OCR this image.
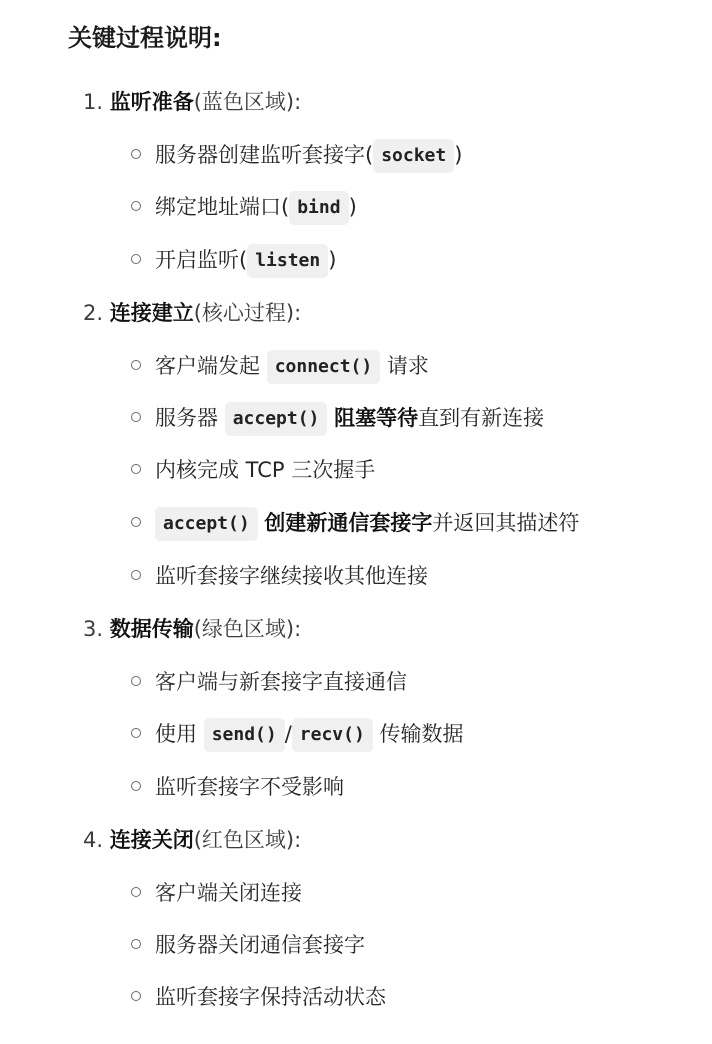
关键过程说明:
1. 监听准备(蓝色区域):
服务器创建监听套接字( socket )
绑定地址端口( bind )
开启监听( listen )
2. 连接建立(核心过程):
客户端发起 connect() 请求
服务器 accept() 阻塞等待直到有新连接
内核完成 TCP 三次握手
accept() 创建新通信套接字并返回其描述符
监听套接字继续接收其他连接
3. 数据传输(绿色区域):
客户端与新套接字直接通信
使用 send() / recv() 传输数据
监听套接字不受影响
4. 连接关闭(红色区域):
客户端关闭连接
服务器关闭通信套接字
监听套接字保持活动状态
